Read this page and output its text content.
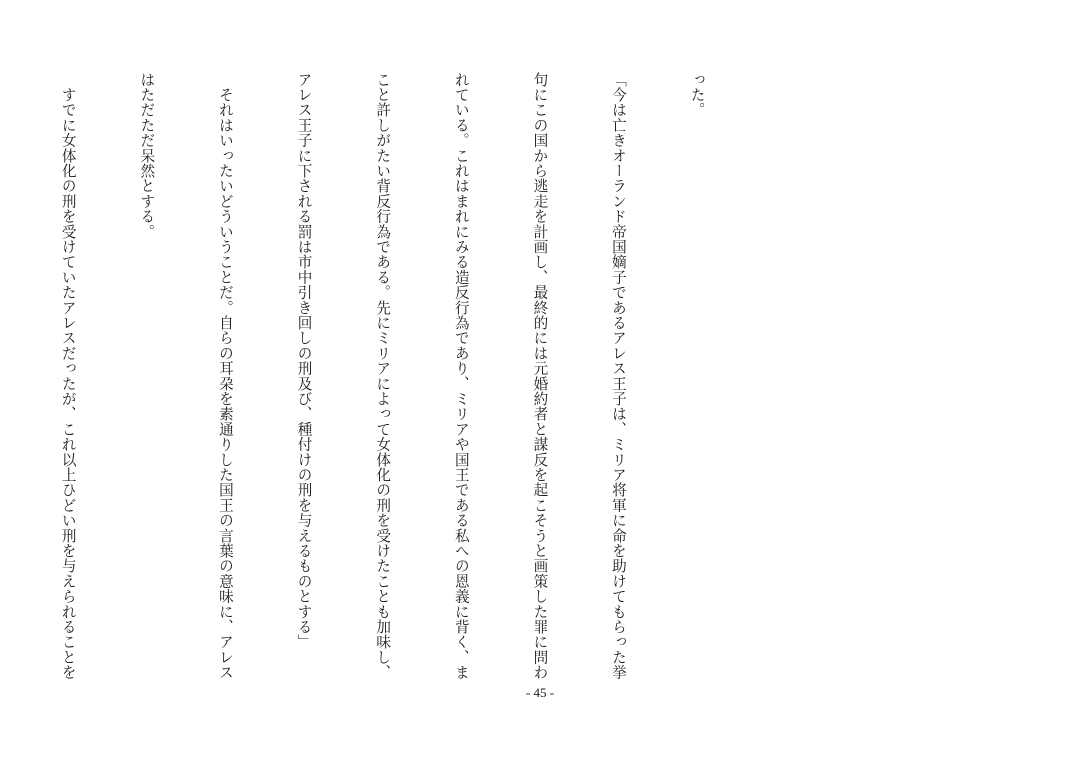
った。

「今は亡きオーランド帝国嫡子であるアレス王子は、ミリア将軍に命を助けてもらった挙

句にこの国から逃走を計画し、最終的には元婚約者と謀反を起こそうと画策した罪に問わ

れている。これはまれにみる造反行為であり、ミリアや国王である私への恩義に背く、ま

こと許しがたい背反行為である。先にミリアによって女体化の刑を受けたことも加味し、

アレス王子に下される罰は市中引き回しの刑及び、種付けの刑を与えるものとする」

　それはいったいどういうことだ。自らの耳朶を素通りした国王の言葉の意味に、アレス

はただただ呆然とする。

　すでに女体化の刑を受けていたアレスだったが、これ以上ひどい刑を与えられることを

- 45 -
